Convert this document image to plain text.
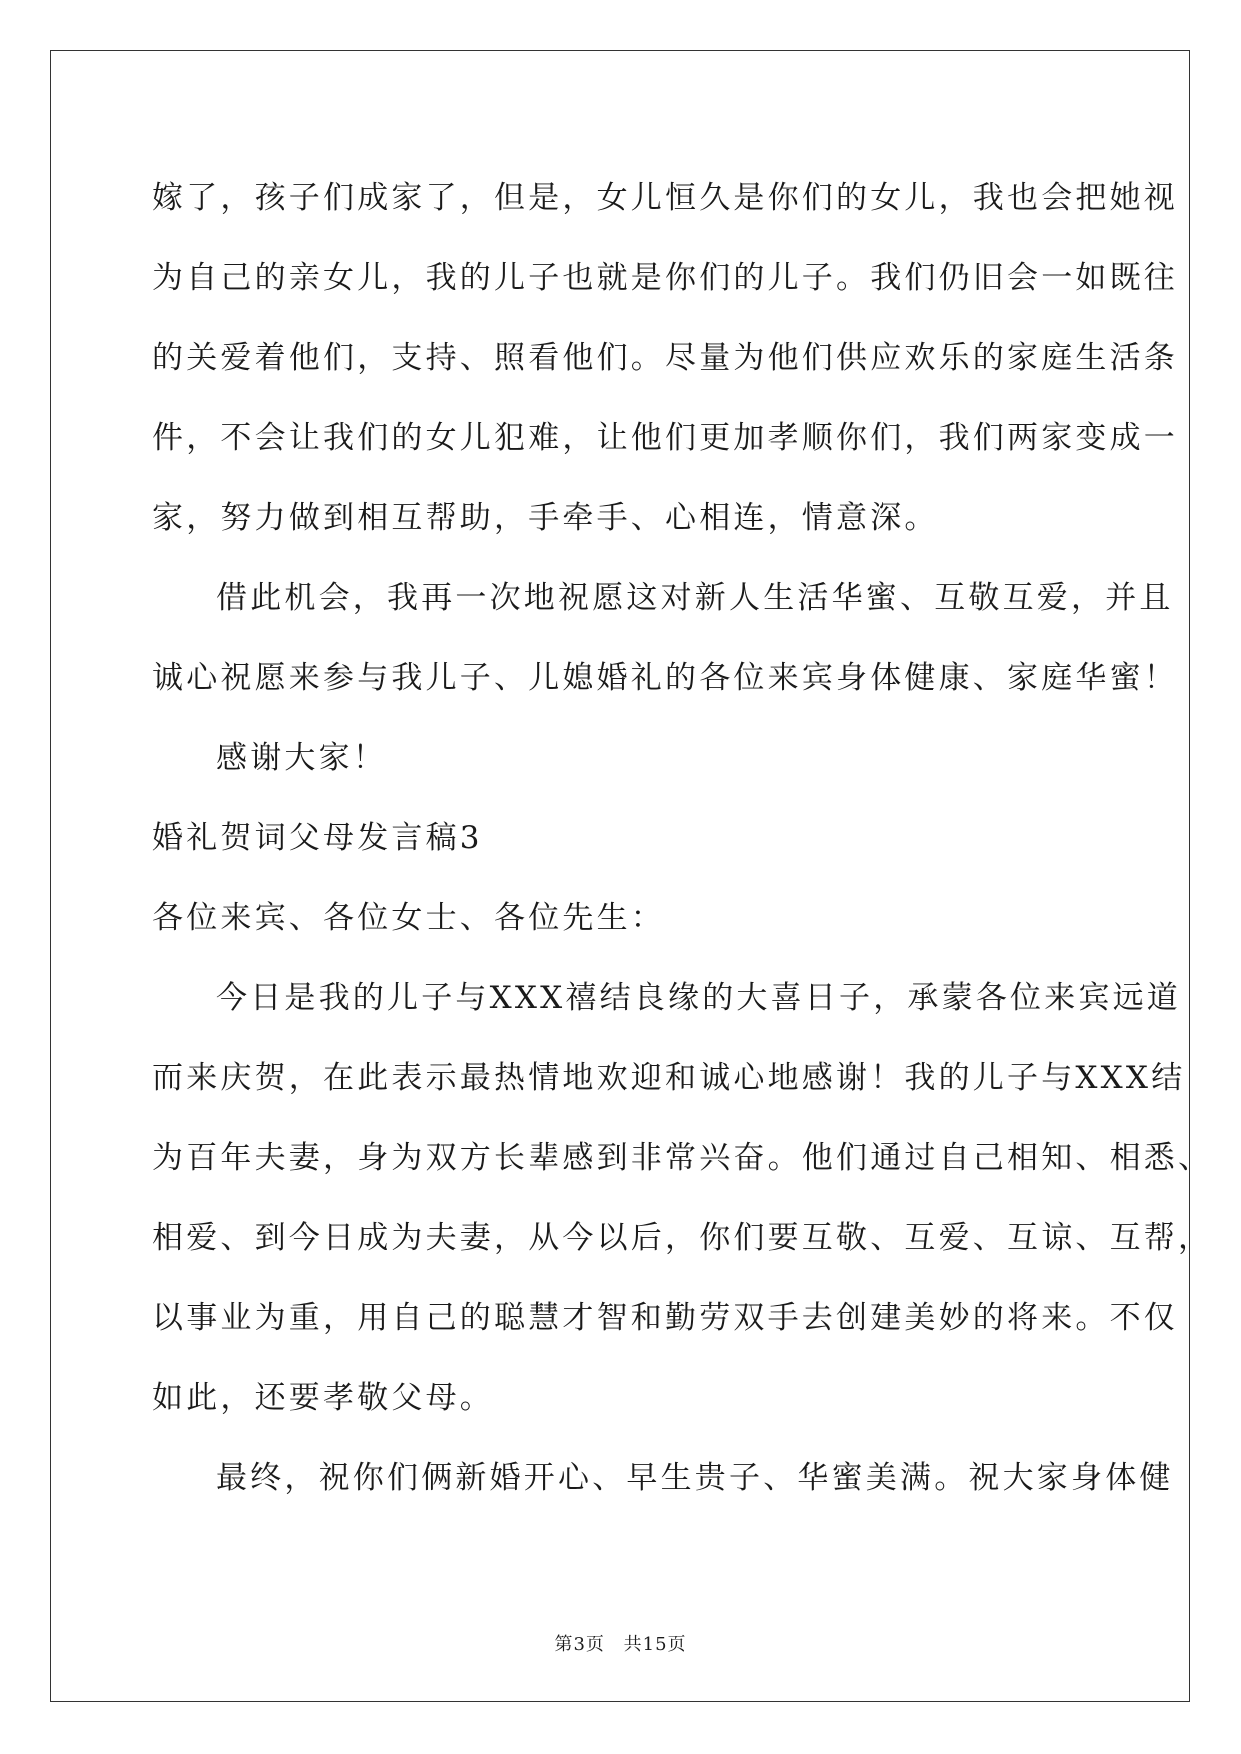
嫁了，孩子们成家了，但是，女儿恒久是你们的女儿，我也会把她视

为自己的亲女儿，我的儿子也就是你们的儿子。我们仍旧会一如既往

的关爱着他们，支持、照看他们。尽量为他们供应欢乐的家庭生活条

件，不会让我们的女儿犯难，让他们更加孝顺你们，我们两家变成一

家，努力做到相互帮助，手牵手、心相连，情意深。

借此机会，我再一次地祝愿这对新人生活华蜜、互敬互爱，并且

诚心祝愿来参与我儿子、儿媳婚礼的各位来宾身体健康、家庭华蜜！

感谢大家！

婚礼贺词父母发言稿3

各位来宾、各位女士、各位先生：

今日是我的儿子与XXX禧结良缘的大喜日子，承蒙各位来宾远道

而来庆贺，在此表示最热情地欢迎和诚心地感谢！我的儿子与XXX结

为百年夫妻，身为双方长辈感到非常兴奋。他们通过自己相知、相悉、

相爱、到今日成为夫妻，从今以后，你们要互敬、互爱、互谅、互帮，

以事业为重，用自己的聪慧才智和勤劳双手去创建美妙的将来。不仅

如此，还要孝敬父母。

最终，祝你们俩新婚开心、早生贵子、华蜜美满。祝大家身体健

第3页 共15页
